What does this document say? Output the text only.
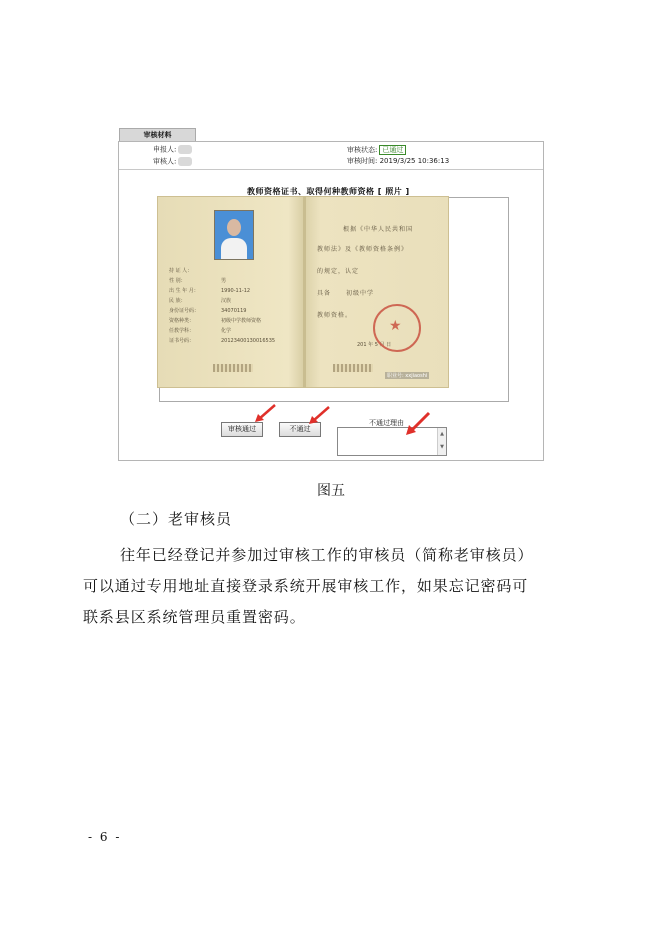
审核材料
申报人:
审核人:
审核状态: 已通过
审核时间: 2019/3/25 10:36:13
教师资格证书、取得何种教师资格 [ 照片 ]
持 证 人：
性 别：
出 生 年 月：
民 族：
身份证号码：
资格种类：
任教学科：
证书号码：
男
1990-11-12
汉族
34070119
初级中学教师资格
化学
20123400130016535
根据《中华人民共和国
教师法》及《教师资格条例》
的规定，认定
具备 初级中学
教师资格。
201 年 5 月 日
★
职业号: xxjiaoshi
审核通过	不通过
不通过理由
▲
▼
图五
（二）老审核员
往年已经登记并参加过审核工作的审核员（简称老审核员）
可以通过专用地址直接登录系统开展审核工作，如果忘记密码可
联系县区系统管理员重置密码。
- 6 -
